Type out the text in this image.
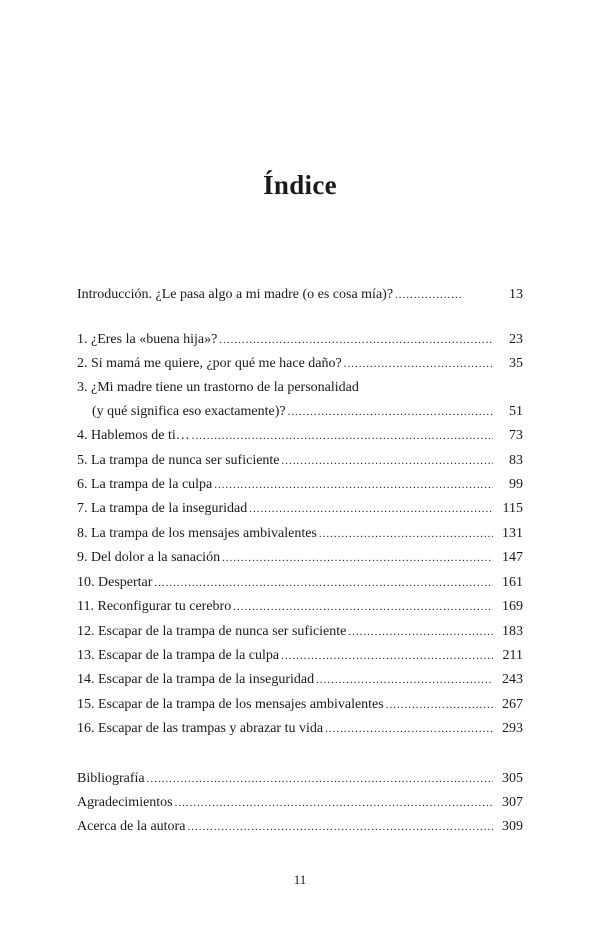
Índice
Introducción. ¿Le pasa algo a mi madre (o es cosa mía)? .....	13
1. ¿Eres la «buena hija»? .....	23
2. Si mamá me quiere, ¿por qué me hace daño? .....	35
3. ¿Mi madre tiene un trastorno de la personalidad
(y qué significa eso exactamente)? .....	51
4. Hablemos de ti… .....	73
5. La trampa de nunca ser suficiente .....	83
6. La trampa de la culpa .....	99
7. La trampa de la inseguridad .....	115
8. La trampa de los mensajes ambivalentes .....	131
9. Del dolor a la sanación .....	147
10. Despertar .....	161
11. Reconfigurar tu cerebro .....	169
12. Escapar de la trampa de nunca ser suficiente .....	183
13. Escapar de la trampa de la culpa .....	211
14. Escapar de la trampa de la inseguridad .....	243
15. Escapar de la trampa de los mensajes ambivalentes .....	267
16. Escapar de las trampas y abrazar tu vida .....	293
Bibliografía .....	305
Agradecimientos .....	307
Acerca de la autora .....	309
11
